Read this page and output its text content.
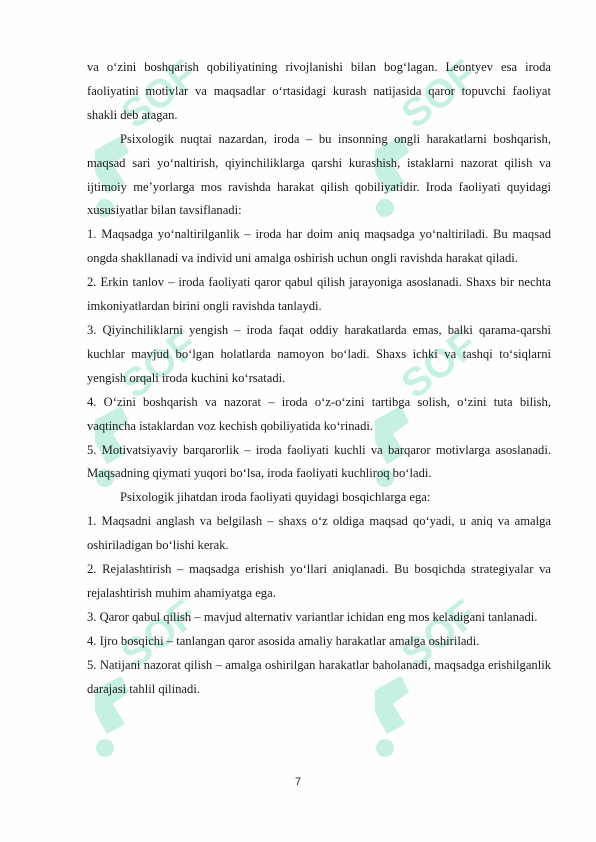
va o‘zini boshqarish qobiliyatining rivojlanishi bilan bog‘lagan. Leontyev esa iroda faoliyatini motivlar va maqsadlar o‘rtasidagi kurash natijasida qaror topuvchi faoliyat shakli deb atagan.

Psixologik nuqtai nazardan, iroda – bu insonning ongli harakatlarni boshqarish, maqsad sari yo‘naltirish, qiyinchiliklarga qarshi kurashish, istaklarni nazorat qilish va ijtimoiy me’yorlarga mos ravishda harakat qilish qobiliyatidir. Iroda faoliyati quyidagi xususiyatlar bilan tavsiflanadi:

1. Maqsadga yo‘naltirilganlik – iroda har doim aniq maqsadga yo‘naltiriladi. Bu maqsad ongda shakllanadi va individ uni amalga oshirish uchun ongli ravishda harakat qiladi.

2. Erkin tanlov – iroda faoliyati qaror qabul qilish jarayoniga asoslanadi. Shaxs bir nechta imkoniyatlardan birini ongli ravishda tanlaydi.

3. Qiyinchiliklarni yengish – iroda faqat oddiy harakatlarda emas, balki qarama-qarshi kuchlar mavjud bo‘lgan holatlarda namoyon bo‘ladi. Shaxs ichki va tashqi to‘siqlarni yengish orqali iroda kuchini ko‘rsatadi.

4. O‘zini boshqarish va nazorat – iroda o‘z-o‘zini tartibga solish, o‘zini tuta bilish, vaqtincha istaklardan voz kechish qobiliyatida ko‘rinadi.

5. Motivatsiyaviy barqarorlik – iroda faoliyati kuchli va barqaror motivlarga asoslanadi. Maqsadning qiymati yuqori bo‘lsa, iroda faoliyati kuchliroq bo‘ladi.

Psixologik jihatdan iroda faoliyati quyidagi bosqichlarga ega:

1. Maqsadni anglash va belgilash – shaxs o‘z oldiga maqsad qo‘yadi, u aniq va amalga oshiriladigan bo‘lishi kerak.

2. Rejalashtirish – maqsadga erishish yo‘llari aniqlanadi. Bu bosqichda strategiyalar va rejalashtirish muhim ahamiyatga ega.

3. Qaror qabul qilish – mavjud alternativ variantlar ichidan eng mos keladigani tanlanadi.

4. Ijro bosqichi – tanlangan qaror asosida amaliy harakatlar amalga oshiriladi.

5. Natijani nazorat qilish – amalga oshirilgan harakatlar baholanadi, maqsadga erishilganlik darajasi tahlil qilinadi.

7
